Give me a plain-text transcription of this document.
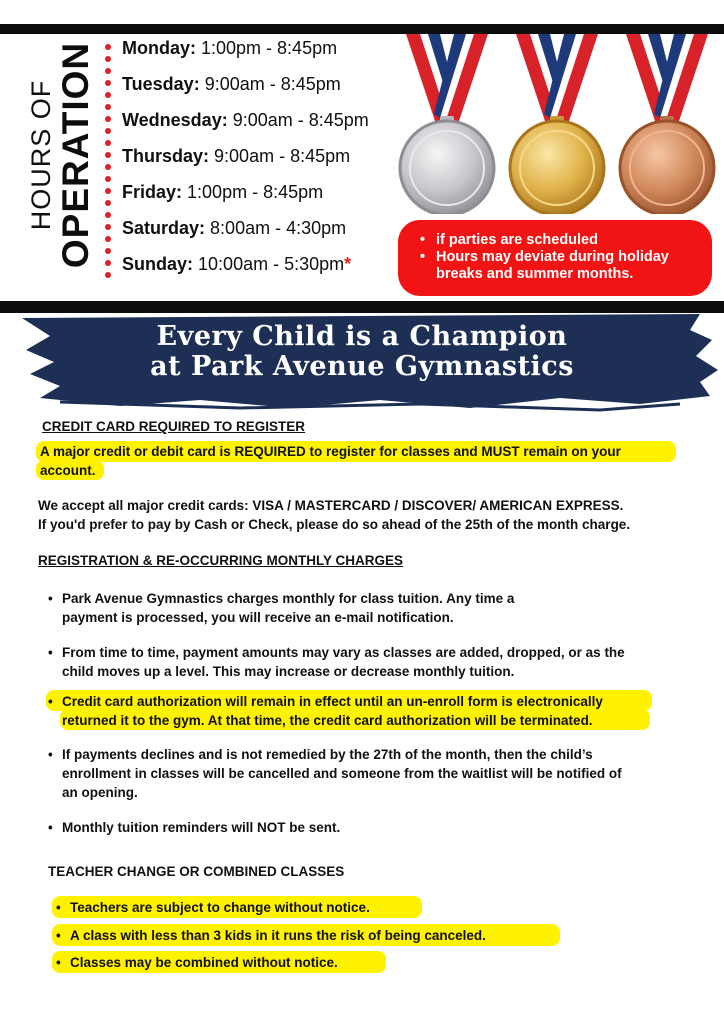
HOURS OF OPERATION Monday: 1:00pm - 8:45pm
Tuesday: 9:00am - 8:45pm
Wednesday: 9:00am - 8:45pm
Thursday: 9:00am - 8:45pm
Friday: 1:00pm - 8:45pm
Saturday: 8:00am - 4:30pm
Sunday: 10:00am - 5:30pm*
• if parties are scheduled
• Hours may deviate during holiday breaks and summer months.
Every Child is a Champion
at Park Avenue Gymnastics
CREDIT CARD REQUIRED TO REGISTER
A major credit or debit card is REQUIRED to register for classes and MUST remain on your
account.
We accept all major credit cards: VISA / MASTERCARD / DISCOVER/ AMERICAN EXPRESS.
If you'd prefer to pay by Cash or Check, please do so ahead of the 25th of the month charge.
REGISTRATION & RE-OCCURRING MONTHLY CHARGES
• Park Avenue Gymnastics charges monthly for class tuition. Any time a
payment is processed, you will receive an e-mail notification.
• From time to time, payment amounts may vary as classes are added, dropped, or as the
child moves up a level. This may increase or decrease monthly tuition.
• Credit card authorization will remain in effect until an un-enroll form is electronically
returned it to the gym. At that time, the credit card authorization will be terminated.
• If payments declines and is not remedied by the 27th of the month, then the child’s
enrollment in classes will be cancelled and someone from the waitlist will be notified of
an opening.
• Monthly tuition reminders will NOT be sent.
TEACHER CHANGE OR COMBINED CLASSES
• Teachers are subject to change without notice.
• A class with less than 3 kids in it runs the risk of being canceled.
• Classes may be combined without notice.
